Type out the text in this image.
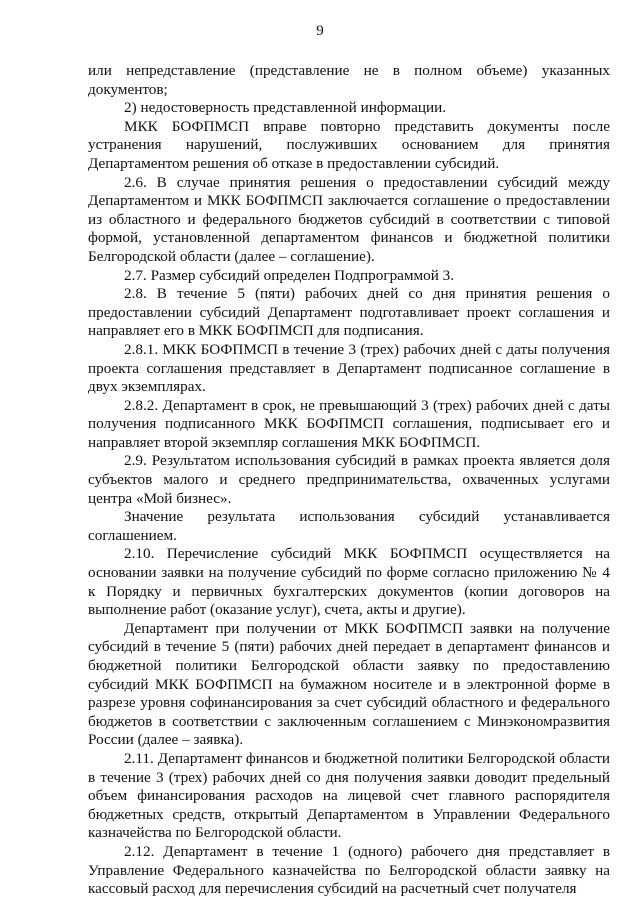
9

или непредставление (представление не в полном объеме) указанных документов;

2) недостоверность представленной информации.

МКК БОФПМСП вправе повторно представить документы после устранения нарушений, послуживших основанием для принятия Департаментом решения об отказе в предоставлении субсидий.

2.6. В случае принятия решения о предоставлении субсидий между Департаментом и МКК БОФПМСП заключается соглашение о предоставлении из областного и федерального бюджетов субсидий в соответствии с типовой формой, установленной департаментом финансов и бюджетной политики Белгородской области (далее – соглашение).

2.7. Размер субсидий определен Подпрограммой 3.

2.8. В течение 5 (пяти) рабочих дней со дня принятия решения о предоставлении субсидий Департамент подготавливает проект соглашения и направляет его в МКК БОФПМСП для подписания.

2.8.1. МКК БОФПМСП в течение 3 (трех) рабочих дней с даты получения проекта соглашения представляет в Департамент подписанное соглашение в двух экземплярах.

2.8.2. Департамент в срок, не превышающий 3 (трех) рабочих дней с даты получения подписанного МКК БОФПМСП соглашения, подписывает его и направляет второй экземпляр соглашения МКК БОФПМСП.

2.9. Результатом использования субсидий в рамках проекта является доля субъектов малого и среднего предпринимательства, охваченных услугами центра «Мой бизнес».

Значение результата использования субсидий устанавливается соглашением.

2.10. Перечисление субсидий МКК БОФПМСП осуществляется на основании заявки на получение субсидий по форме согласно приложению № 4 к Порядку и первичных бухгалтерских документов (копии договоров на выполнение работ (оказание услуг), счета, акты и другие).

Департамент при получении от МКК БОФПМСП заявки на получение субсидий в течение 5 (пяти) рабочих дней передает в департамент финансов и бюджетной политики Белгородской области заявку по предоставлению субсидий МКК БОФПМСП на бумажном носителе и в электронной форме в разрезе уровня софинансирования за счет субсидий областного и федерального бюджетов в соответствии с заключенным соглашением с Минэкономразвития России (далее – заявка).

2.11. Департамент финансов и бюджетной политики Белгородской области в течение 3 (трех) рабочих дней со дня получения заявки доводит предельный объем финансирования расходов на лицевой счет главного распорядителя бюджетных средств, открытый Департаментом в Управлении Федерального казначейства по Белгородской области.

2.12. Департамент в течение 1 (одного) рабочего дня представляет в Управление Федерального казначейства по Белгородской области заявку на кассовый расход для перечисления субсидий на расчетный счет получателя
